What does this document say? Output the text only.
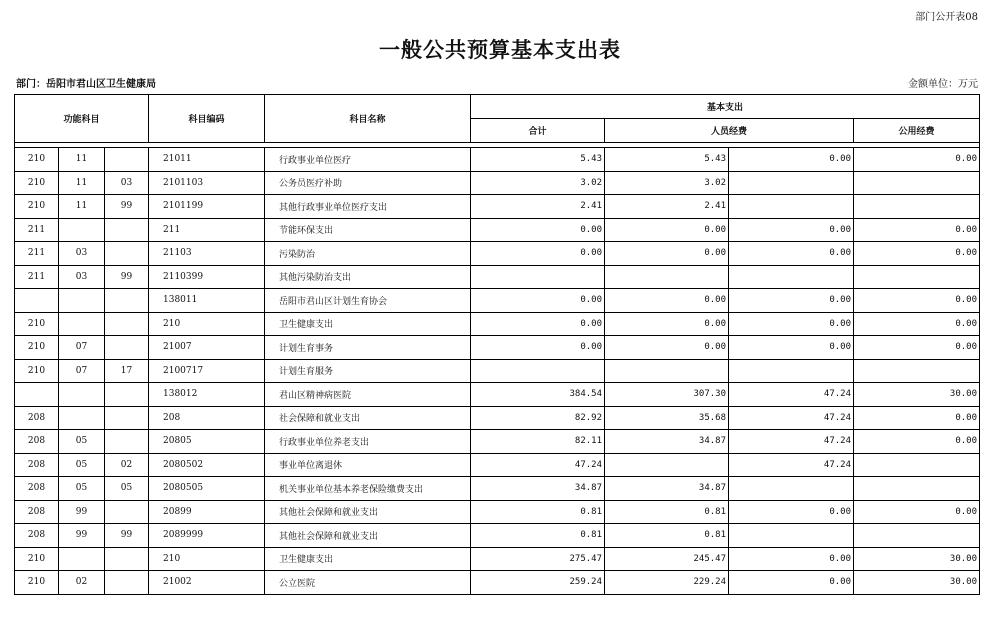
部门公开表08
一般公共预算基本支出表
部门：岳阳市君山区卫生健康局	金额单位：万元
功能科目			科目编码	科目名称	基本支出			
					合计	人员经费		公用经费

210	11		21011	行政事业单位医疗	5.43	5.43	0.00	0.00
210	11	03	2101103	公务员医疗补助	3.02	3.02		
210	11	99	2101199	其他行政事业单位医疗支出	2.41	2.41		
211			211	节能环保支出	0.00	0.00	0.00	0.00
211	03		21103	污染防治	0.00	0.00	0.00	0.00
211	03	99	2110399	其他污染防治支出				
			138011	岳阳市君山区计划生育协会	0.00	0.00	0.00	0.00
210			210	卫生健康支出	0.00	0.00	0.00	0.00
210	07		21007	计划生育事务	0.00	0.00	0.00	0.00
210	07	17	2100717	计划生育服务				
			138012	君山区精神病医院	384.54	307.30	47.24	30.00
208			208	社会保障和就业支出	82.92	35.68	47.24	0.00
208	05		20805	行政事业单位养老支出	82.11	34.87	47.24	0.00
208	05	02	2080502	事业单位离退休	47.24		47.24	
208	05	05	2080505	机关事业单位基本养老保险缴费支出	34.87	34.87		
208	99		20899	其他社会保障和就业支出	0.81	0.81	0.00	0.00
208	99	99	2089999	其他社会保障和就业支出	0.81	0.81		
210			210	卫生健康支出	275.47	245.47	0.00	30.00
210	02		21002	公立医院	259.24	229.24	0.00	30.00
